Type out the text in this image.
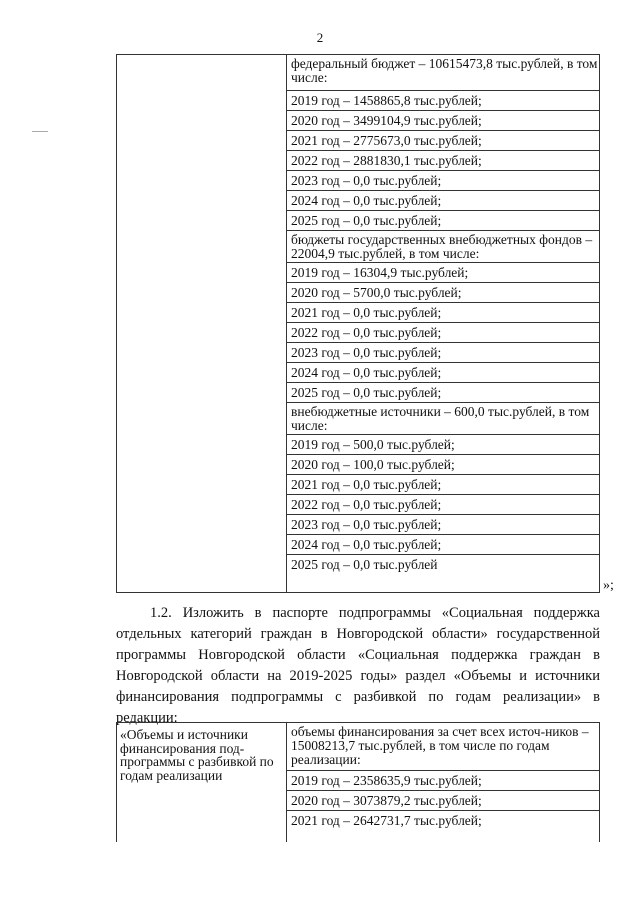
2
федеральный бюджет – 10615473,8 тыс.рублей, в том числе:
2019 год – 1458865,8 тыс.рублей;
2020 год – 3499104,9 тыс.рублей;
2021 год – 2775673,0 тыс.рублей;
2022 год – 2881830,1 тыс.рублей;
2023 год – 0,0 тыс.рублей;
2024 год – 0,0 тыс.рублей;
2025 год – 0,0 тыс.рублей;
бюджеты государственных внебюджетных фондов – 22004,9 тыс.рублей, в том числе:
2019 год – 16304,9 тыс.рублей;
2020 год – 5700,0 тыс.рублей;
2021 год – 0,0 тыс.рублей;
2022 год – 0,0 тыс.рублей;
2023 год – 0,0 тыс.рублей;
2024 год – 0,0 тыс.рублей;
2025 год – 0,0 тыс.рублей;
внебюджетные источники – 600,0 тыс.рублей, в том числе:
2019 год – 500,0 тыс.рублей;
2020 год – 100,0 тыс.рублей;
2021 год – 0,0 тыс.рублей;
2022 год – 0,0 тыс.рублей;
2023 год – 0,0 тыс.рублей;
2024 год – 0,0 тыс.рублей;
2025 год – 0,0 тыс.рублей
»;
1.2. Изложить в паспорте подпрограммы «Социальная поддержка отдельных категорий граждан в Новгородской области» государственной программы Новгородской области «Социальная поддержка граждан в Новгородской области на 2019-2025 годы» раздел «Объемы и источники финансирования подпрограммы с разбивкой по годам реализации» в редакции:
«Объемы и источники финансирования под-программы с разбивкой по годам реализации
объемы финансирования за счет всех источ-ников – 15008213,7 тыс.рублей, в том числе по годам реализации:
2019 год – 2358635,9 тыс.рублей;
2020 год – 3073879,2 тыс.рублей;
2021 год – 2642731,7 тыс.рублей;
